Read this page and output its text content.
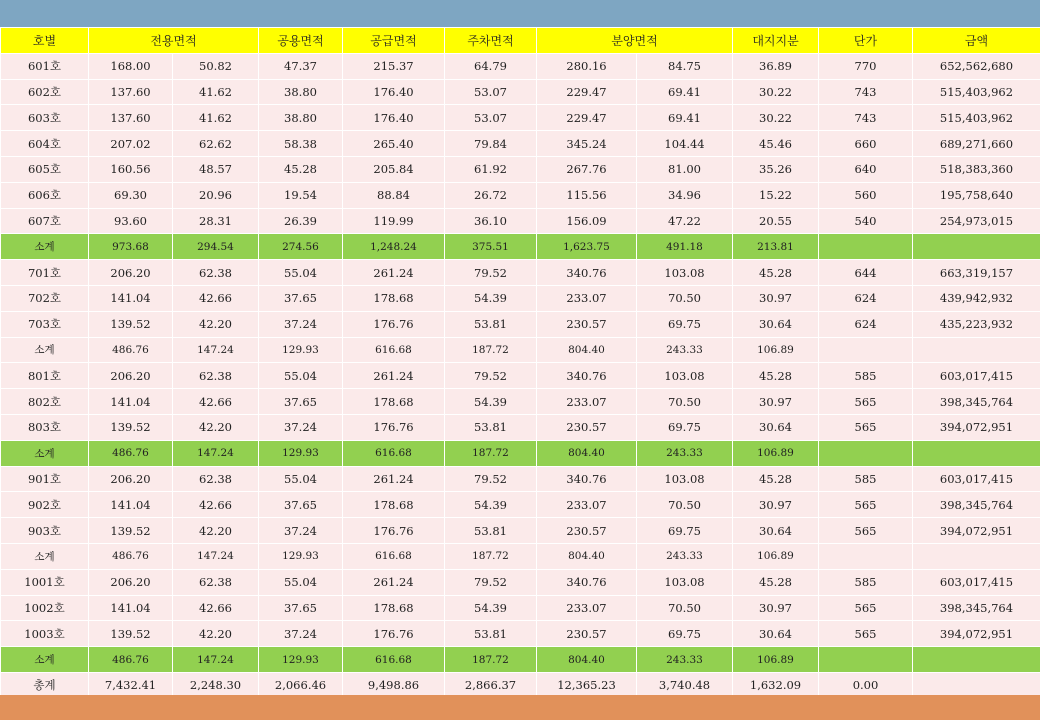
호별	전용면적		공용면적	공급면적	주차면적	분양면적		대지지분	단가	금액
601호	168.00	50.82	47.37	215.37	64.79	280.16	84.75	36.89	770	652,562,680
602호	137.60	41.62	38.80	176.40	53.07	229.47	69.41	30.22	743	515,403,962
603호	137.60	41.62	38.80	176.40	53.07	229.47	69.41	30.22	743	515,403,962
604호	207.02	62.62	58.38	265.40	79.84	345.24	104.44	45.46	660	689,271,660
605호	160.56	48.57	45.28	205.84	61.92	267.76	81.00	35.26	640	518,383,360
606호	69.30	20.96	19.54	88.84	26.72	115.56	34.96	15.22	560	195,758,640
607호	93.60	28.31	26.39	119.99	36.10	156.09	47.22	20.55	540	254,973,015
소계	973.68	294.54	274.56	1,248.24	375.51	1,623.75	491.18	213.81		
701호	206.20	62.38	55.04	261.24	79.52	340.76	103.08	45.28	644	663,319,157
702호	141.04	42.66	37.65	178.68	54.39	233.07	70.50	30.97	624	439,942,932
703호	139.52	42.20	37.24	176.76	53.81	230.57	69.75	30.64	624	435,223,932
소계	486.76	147.24	129.93	616.68	187.72	804.40	243.33	106.89		
801호	206.20	62.38	55.04	261.24	79.52	340.76	103.08	45.28	585	603,017,415
802호	141.04	42.66	37.65	178.68	54.39	233.07	70.50	30.97	565	398,345,764
803호	139.52	42.20	37.24	176.76	53.81	230.57	69.75	30.64	565	394,072,951
소계	486.76	147.24	129.93	616.68	187.72	804.40	243.33	106.89		
901호	206.20	62.38	55.04	261.24	79.52	340.76	103.08	45.28	585	603,017,415
902호	141.04	42.66	37.65	178.68	54.39	233.07	70.50	30.97	565	398,345,764
903호	139.52	42.20	37.24	176.76	53.81	230.57	69.75	30.64	565	394,072,951
소계	486.76	147.24	129.93	616.68	187.72	804.40	243.33	106.89		
1001호	206.20	62.38	55.04	261.24	79.52	340.76	103.08	45.28	585	603,017,415
1002호	141.04	42.66	37.65	178.68	54.39	233.07	70.50	30.97	565	398,345,764
1003호	139.52	42.20	37.24	176.76	53.81	230.57	69.75	30.64	565	394,072,951
소계	486.76	147.24	129.93	616.68	187.72	804.40	243.33	106.89		
총계	7,432.41	2,248.30	2,066.46	9,498.86	2,866.37	12,365.23	3,740.48	1,632.09	0.00	
